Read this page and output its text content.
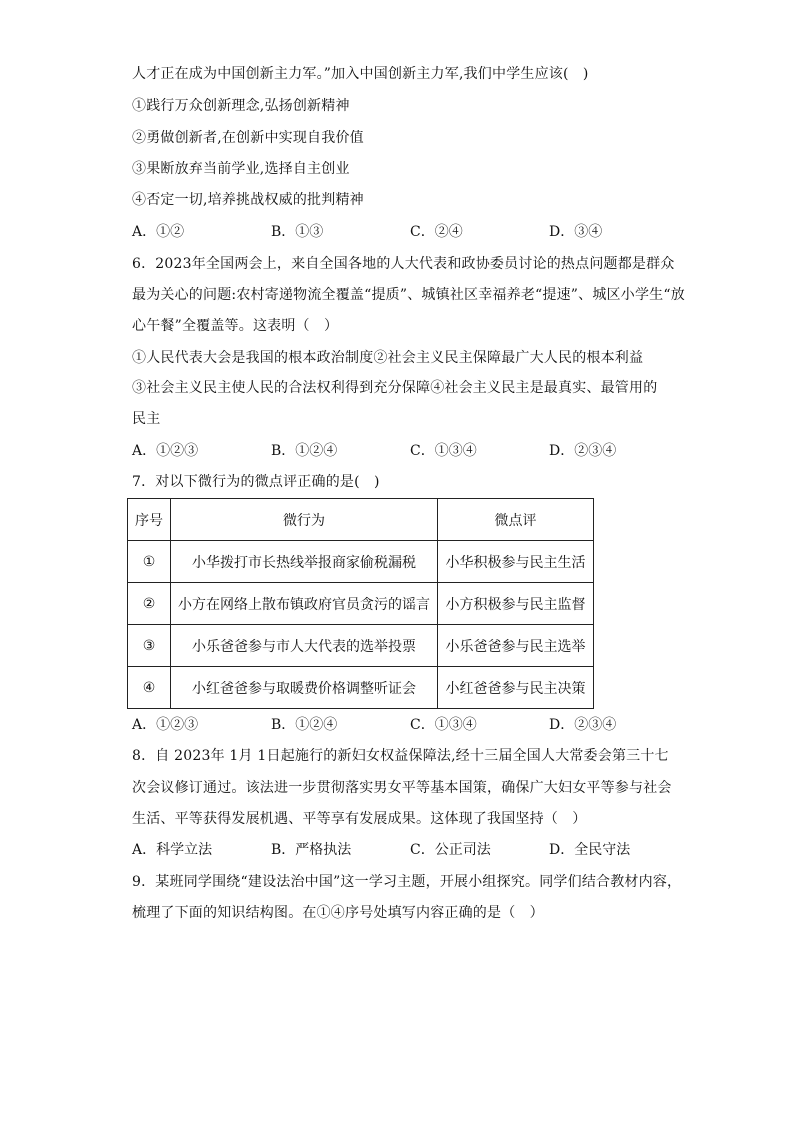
人才正在成为中国创新主力军。”加入中国创新主力军,我们中学生应该(　)
①践行万众创新理念,弘扬创新精神
②勇做创新者,在创新中实现自我价值
③果断放弃当前学业,选择自主创业
④否定一切,培养挑战权威的批判精神
A．①②	B．①③	C．②④	D．③④
6．2023年全国两会上，来自全国各地的人大代表和政协委员讨论的热点问题都是群众
最为关心的问题:农村寄递物流全覆盖“提质”、城镇社区幸福养老“提速”、城区小学生“放
心午餐”全覆盖等。这表明（　）
①人民代表大会是我国的根本政治制度②社会主义民主保障最广大人民的根本利益
③社会主义民主使人民的合法权利得到充分保障④社会主义民主是最真实、最管用的
民主
A．①②③	B．①②④	C．①③④	D．②③④
7．对以下微行为的微点评正确的是(　)
序号	微行为	微点评
①	小华拨打市长热线举报商家偷税漏税	小华积极参与民主生活
②	小方在网络上散布镇政府官员贪污的谣言	小方积极参与民主监督
③	小乐爸爸参与市人大代表的选举投票	小乐爸爸参与民主选举
④	小红爸爸参与取暖费价格调整听证会	小红爸爸参与民主决策
A．①②③	B．①②④	C．①③④	D．②③④
8．自 2023年 1月 1日起施行的新妇女权益保障法,经十三届全国人大常委会第三十七
次会议修订通过。该法进一步贯彻落实男女平等基本国策，确保广大妇女平等参与社会
生活、平等获得发展机遇、平等享有发展成果。这体现了我国坚持（　）
A．科学立法	B．严格执法	C．公正司法	D．全民守法
9．某班同学围绕“建设法治中国”这一学习主题，开展小组探究。同学们结合教材内容，
梳理了下面的知识结构图。在①④序号处填写内容正确的是（　）
